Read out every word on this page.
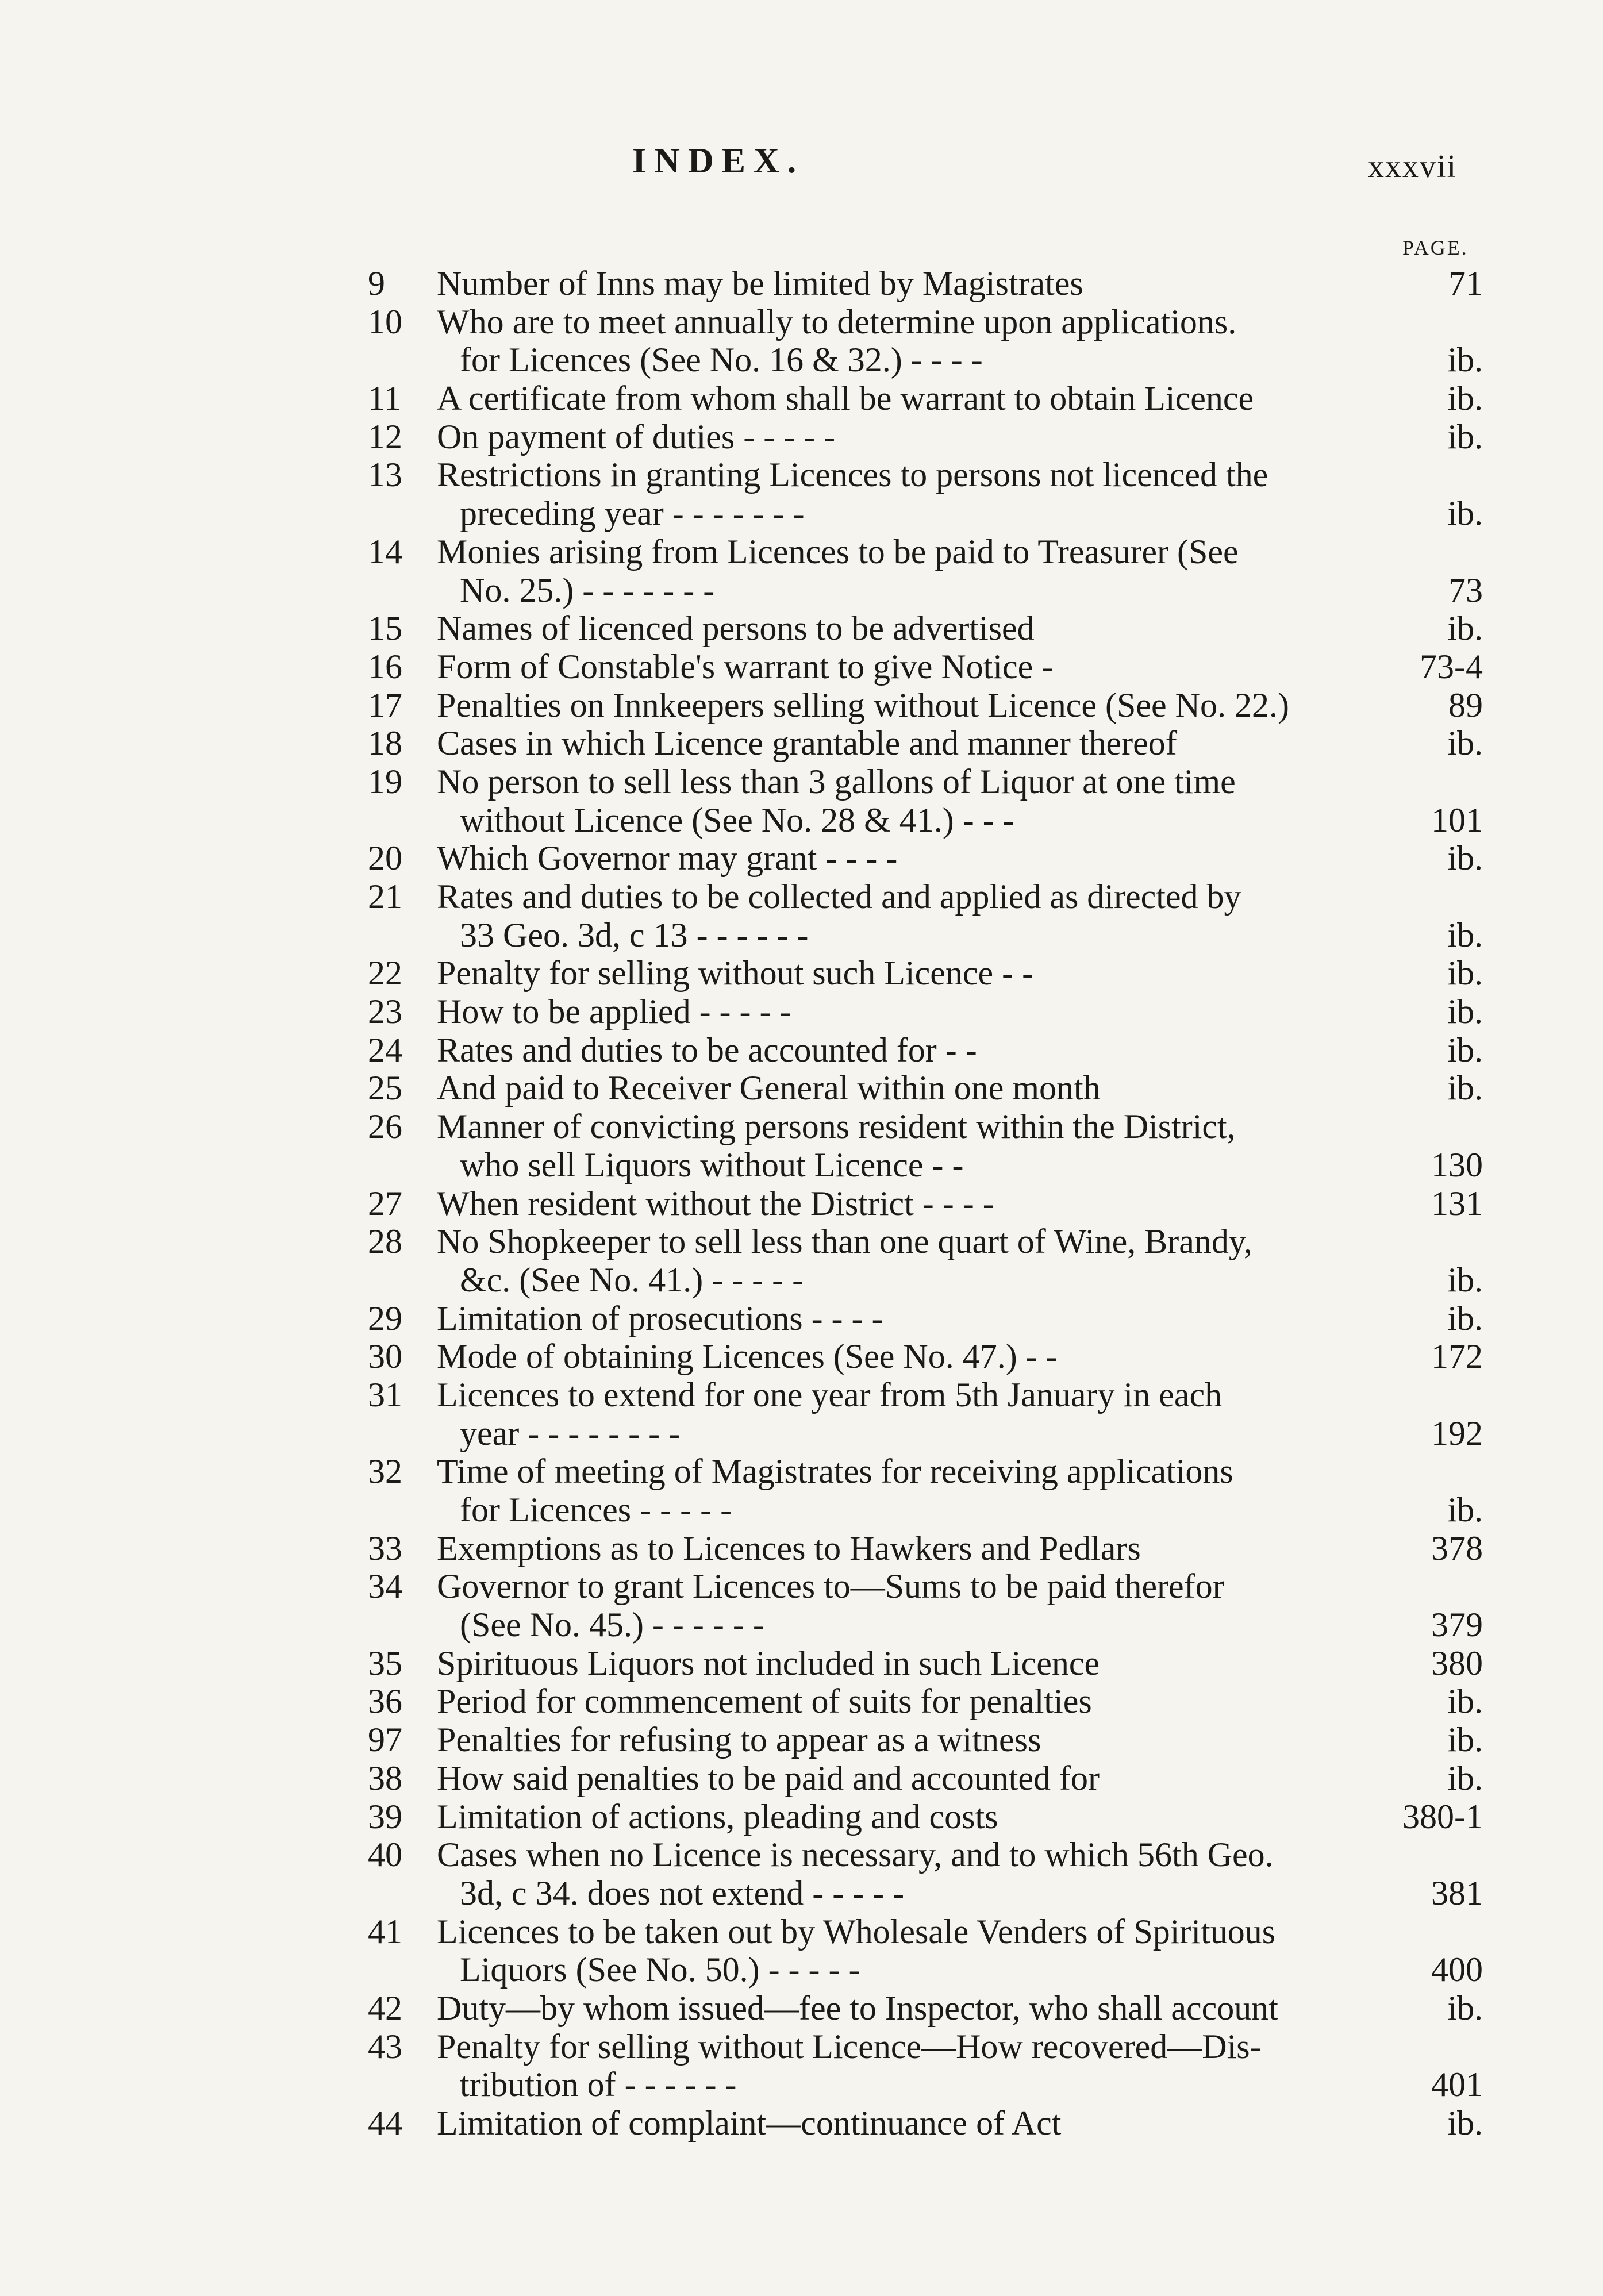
INDEX.	xxxvii
PAGE.
9	Number of Inns may be limited by Magistrates	71
10	Who are to meet annually to determine upon applications.
for Licences (See No. 16 & 32.) - - - -	ib.
11	A certificate from whom shall be warrant to obtain Licence	ib.
12	On payment of duties - - - - -	ib.
13	Restrictions in granting Licences to persons not licenced the
preceding year - - - - - - -	ib.
14	Monies arising from Licences to be paid to Treasurer (See
No. 25.) - - - - - - -	73
15	Names of licenced persons to be advertised	ib.
16	Form of Constable's warrant to give Notice -	73-4
17	Penalties on Innkeepers selling without Licence (See No. 22.)	89
18	Cases in which Licence grantable and manner thereof	ib.
19	No person to sell less than 3 gallons of Liquor at one time
without Licence (See No. 28 & 41.) - - -	101
20	Which Governor may grant - - - -	ib.
21	Rates and duties to be collected and applied as directed by
33 Geo. 3d, c 13 - - - - - -	ib.
22	Penalty for selling without such Licence - -	ib.
23	How to be applied - - - - -	ib.
24	Rates and duties to be accounted for - -	ib.
25	And paid to Receiver General within one month	ib.
26	Manner of convicting persons resident within the District,
who sell Liquors without Licence - -	130
27	When resident without the District - - - -	131
28	No Shopkeeper to sell less than one quart of Wine, Brandy,
&c. (See No. 41.) - - - - -	ib.
29	Limitation of prosecutions - - - -	ib.
30	Mode of obtaining Licences (See No. 47.) - -	172
31	Licences to extend for one year from 5th January in each
year - - - - - - - -	192
32	Time of meeting of Magistrates for receiving applications
for Licences - - - - -	ib.
33	Exemptions as to Licences to Hawkers and Pedlars	378
34	Governor to grant Licences to—Sums to be paid therefor
(See No. 45.) - - - - - -	379
35	Spirituous Liquors not included in such Licence	380
36	Period for commencement of suits for penalties	ib.
97	Penalties for refusing to appear as a witness	ib.
38	How said penalties to be paid and accounted for	ib.
39	Limitation of actions, pleading and costs	380-1
40	Cases when no Licence is necessary, and to which 56th Geo.
3d, c 34. does not extend - - - - -	381
41	Licences to be taken out by Wholesale Venders of Spirituous
Liquors (See No. 50.) - - - - -	400
42	Duty—by whom issued—fee to Inspector, who shall account	ib.
43	Penalty for selling without Licence—How recovered—Dis-
tribution of - - - - - -	401
44	Limitation of complaint—continuance of Act	ib.
